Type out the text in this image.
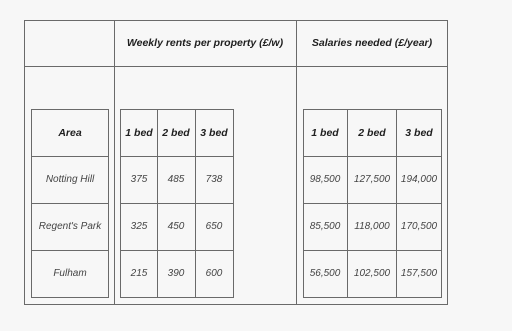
Weekly rents per property (£/w)	Salaries needed (£/year)
Area
Notting Hill
Regent's Park
Fulham
1 bed 2 bed 3 bed
375 485 738
325 450 650
215 390 600
1 bed 2 bed 3 bed
98,500 127,500 194,000
85,500 118,000 170,500
56,500 102,500 157,500
